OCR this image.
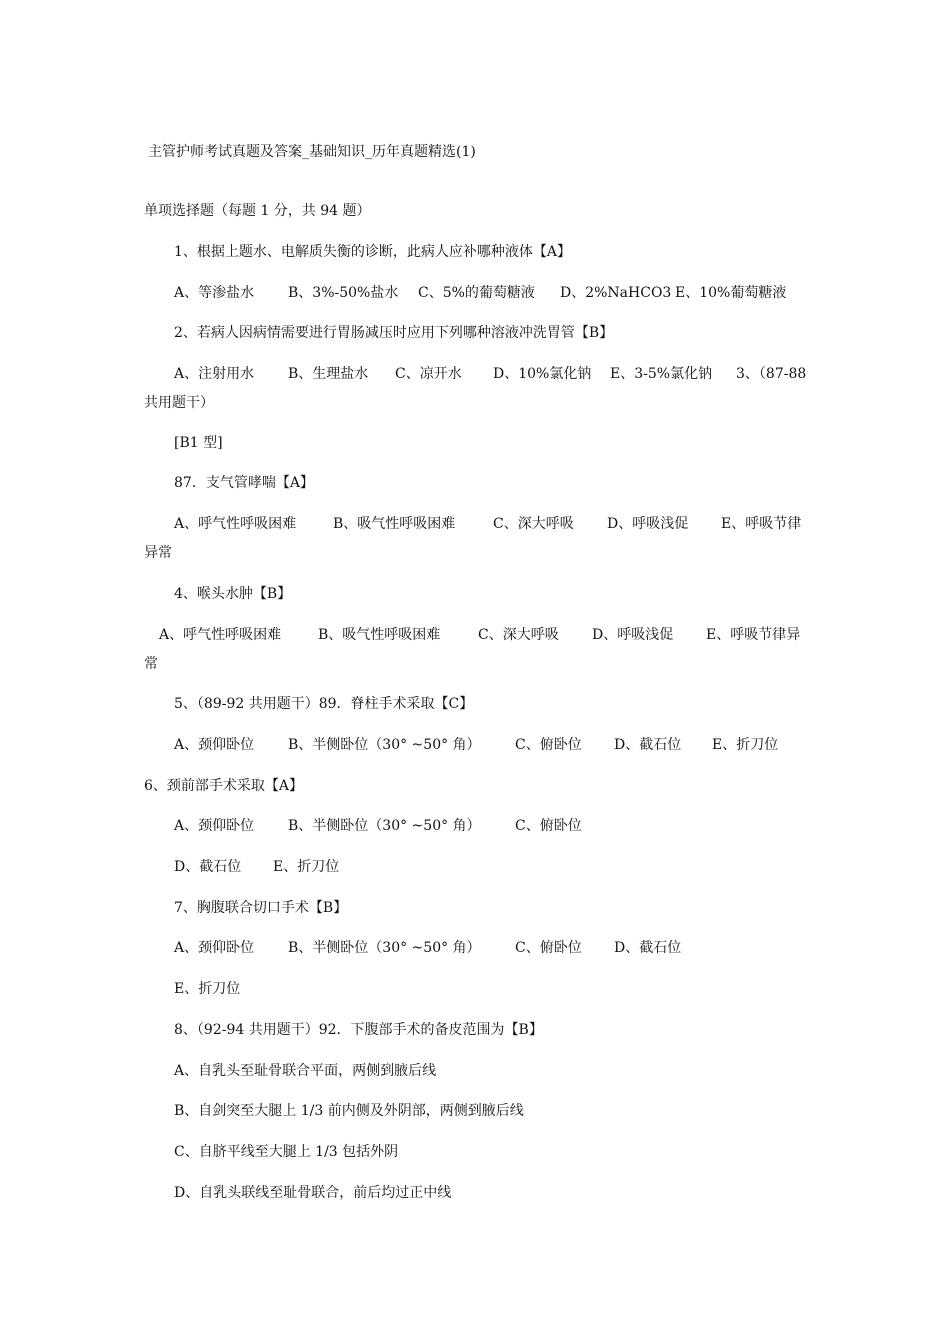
主管护师考试真题及答案_基础知识_历年真题精选(1)
单项选择题（每题 1 分，共 94 题）
1、根据上题水、电解质失衡的诊断，此病人应补哪种液体【A】
A、等渗盐水 B、3%-50%盐水 C、5%的葡萄糖液 D、2%NaHCO3 E、10%葡萄糖液
2、若病人因病情需要进行胃肠减压时应用下列哪种溶液冲洗胃管【B】
A、注射用水 B、生理盐水 C、凉开水 D、10%氯化钠 E、3-5%氯化钠 3、（87-88
共用题干）
[B1 型]
87．支气管哮喘【A】
A、呼气性呼吸困难	B、吸气性呼吸困难	C、深大呼吸 D、呼吸浅促 E、呼吸节律
异常
4、喉头水肿【B】
A、呼气性呼吸困难	B、吸气性呼吸困难	C、深大呼吸 D、呼吸浅促 E、呼吸节律异
常
5、（89-92 共用题干）89．脊柱手术采取【C】
A、颈仰卧位 B、半侧卧位（30° ~50° 角） C、俯卧位 D、截石位 E、折刀位
6、颈前部手术采取【A】
A、颈仰卧位 B、半侧卧位（30° ~50° 角） C、俯卧位
D、截石位 E、折刀位
7、胸腹联合切口手术【B】
A、颈仰卧位 B、半侧卧位（30° ~50° 角） C、俯卧位 D、截石位
E、折刀位
8、（92-94 共用题干）92．下腹部手术的备皮范围为【B】
A、自乳头至耻骨联合平面，两侧到腋后线
B、自剑突至大腿上 1/3 前内侧及外阴部，两侧到腋后线
C、自脐平线至大腿上 1/3 包括外阴
D、自乳头联线至耻骨联合，前后均过正中线
